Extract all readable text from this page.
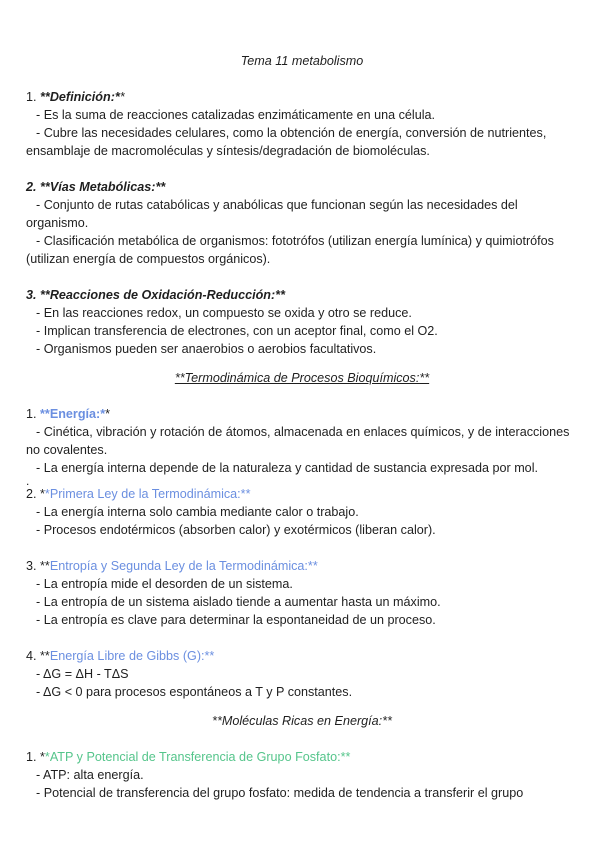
Tema 11 metabolismo

1. **Definición:**

- Es la suma de reacciones catalizadas enzimáticamente en una célula.

- Cubre las necesidades celulares, como la obtención de energía, conversión de nutrientes, ensamblaje de macromoléculas y síntesis/degradación de biomoléculas.

2. **Vías Metabólicas:**

- Conjunto de rutas catabólicas y anabólicas que funcionan según las necesidades del organismo.

- Clasificación metabólica de organismos: fototrófos (utilizan energía lumínica) y quimiotrófos (utilizan energía de compuestos orgánicos).

3. **Reacciones de Oxidación-Reducción:**

- En las reacciones redox, un compuesto se oxida y otro se reduce.

- Implican transferencia de electrones, con un aceptor final, como el O2.

- Organismos pueden ser anaerobios o aerobios facultativos.

**Termodinámica de Procesos Bioquímicos:**

1. **Energía:**

- Cinética, vibración y rotación de átomos, almacenada en enlaces químicos, y de interacciones no covalentes.

- La energía interna depende de la naturaleza y cantidad de sustancia expresada por mol.

.

2. **Primera Ley de la Termodinámica:**

- La energía interna solo cambia mediante calor o trabajo.

- Procesos endotérmicos (absorben calor) y exotérmicos (liberan calor).

3. **Entropía y Segunda Ley de la Termodinámica:**

- La entropía mide el desorden de un sistema.

- La entropía de un sistema aislado tiende a aumentar hasta un máximo.

- La entropía es clave para determinar la espontaneidad de un proceso.

4. **Energía Libre de Gibbs (G):**

- ΔG = ΔH - TΔS

- ΔG < 0 para procesos espontáneos a T y P constantes.

**Moléculas Ricas en Energía:**

1. **ATP y Potencial de Transferencia de Grupo Fosfato:**

- ATP: alta energía.

- Potencial de transferencia del grupo fosfato: medida de tendencia a transferir el grupo
